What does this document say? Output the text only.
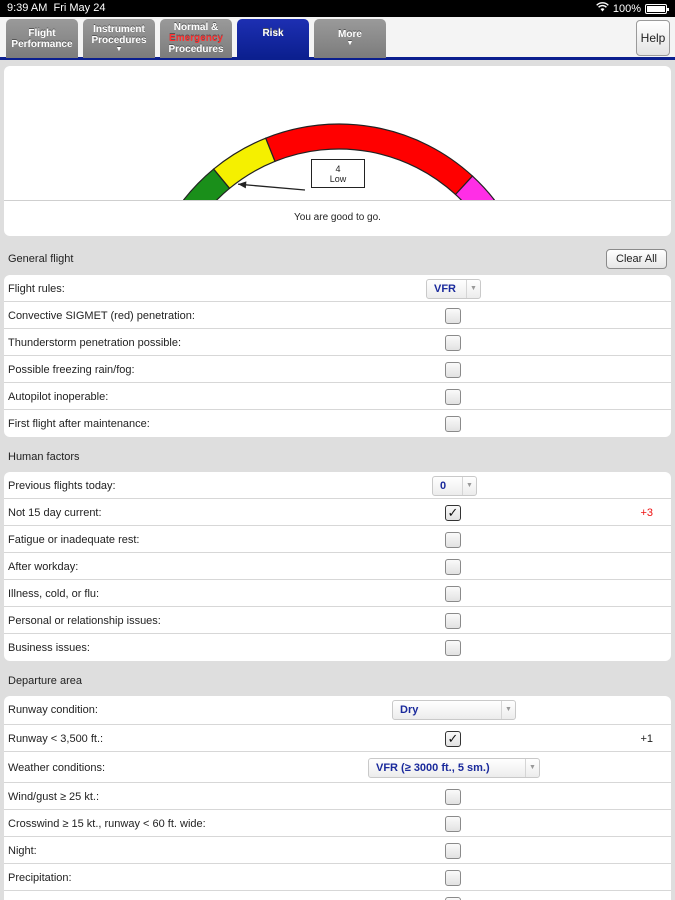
9:39 AM Fri May 24	100%
Flight
Performance
Instrument
Procedures
▼
Normal &
Emergency
Procedures
Risk	More
▼	Help
4
Low
You are good to go.
General flight	Clear All
Flight rules:	VFR	▼
Convective SIGMET (red) penetration:
Thunderstorm penetration possible:
Possible freezing rain/fog:
Autopilot inoperable:
First flight after maintenance:
Human factors
Previous flights today:	0	▼
Not 15 day current:	✓	+3
Fatigue or inadequate rest:
After workday:
Illness, cold, or flu:
Personal or relationship issues:
Business issues:
Departure area
Runway condition:	Dry	▼
Runway < 3,500 ft.:	✓	+1
Weather conditions:	VFR (≥ 3000 ft., 5 sm.)	▼
Wind/gust ≥ 25 kt.:
Crosswind ≥ 15 kt., runway < 60 ft. wide:
Night:
Precipitation:
